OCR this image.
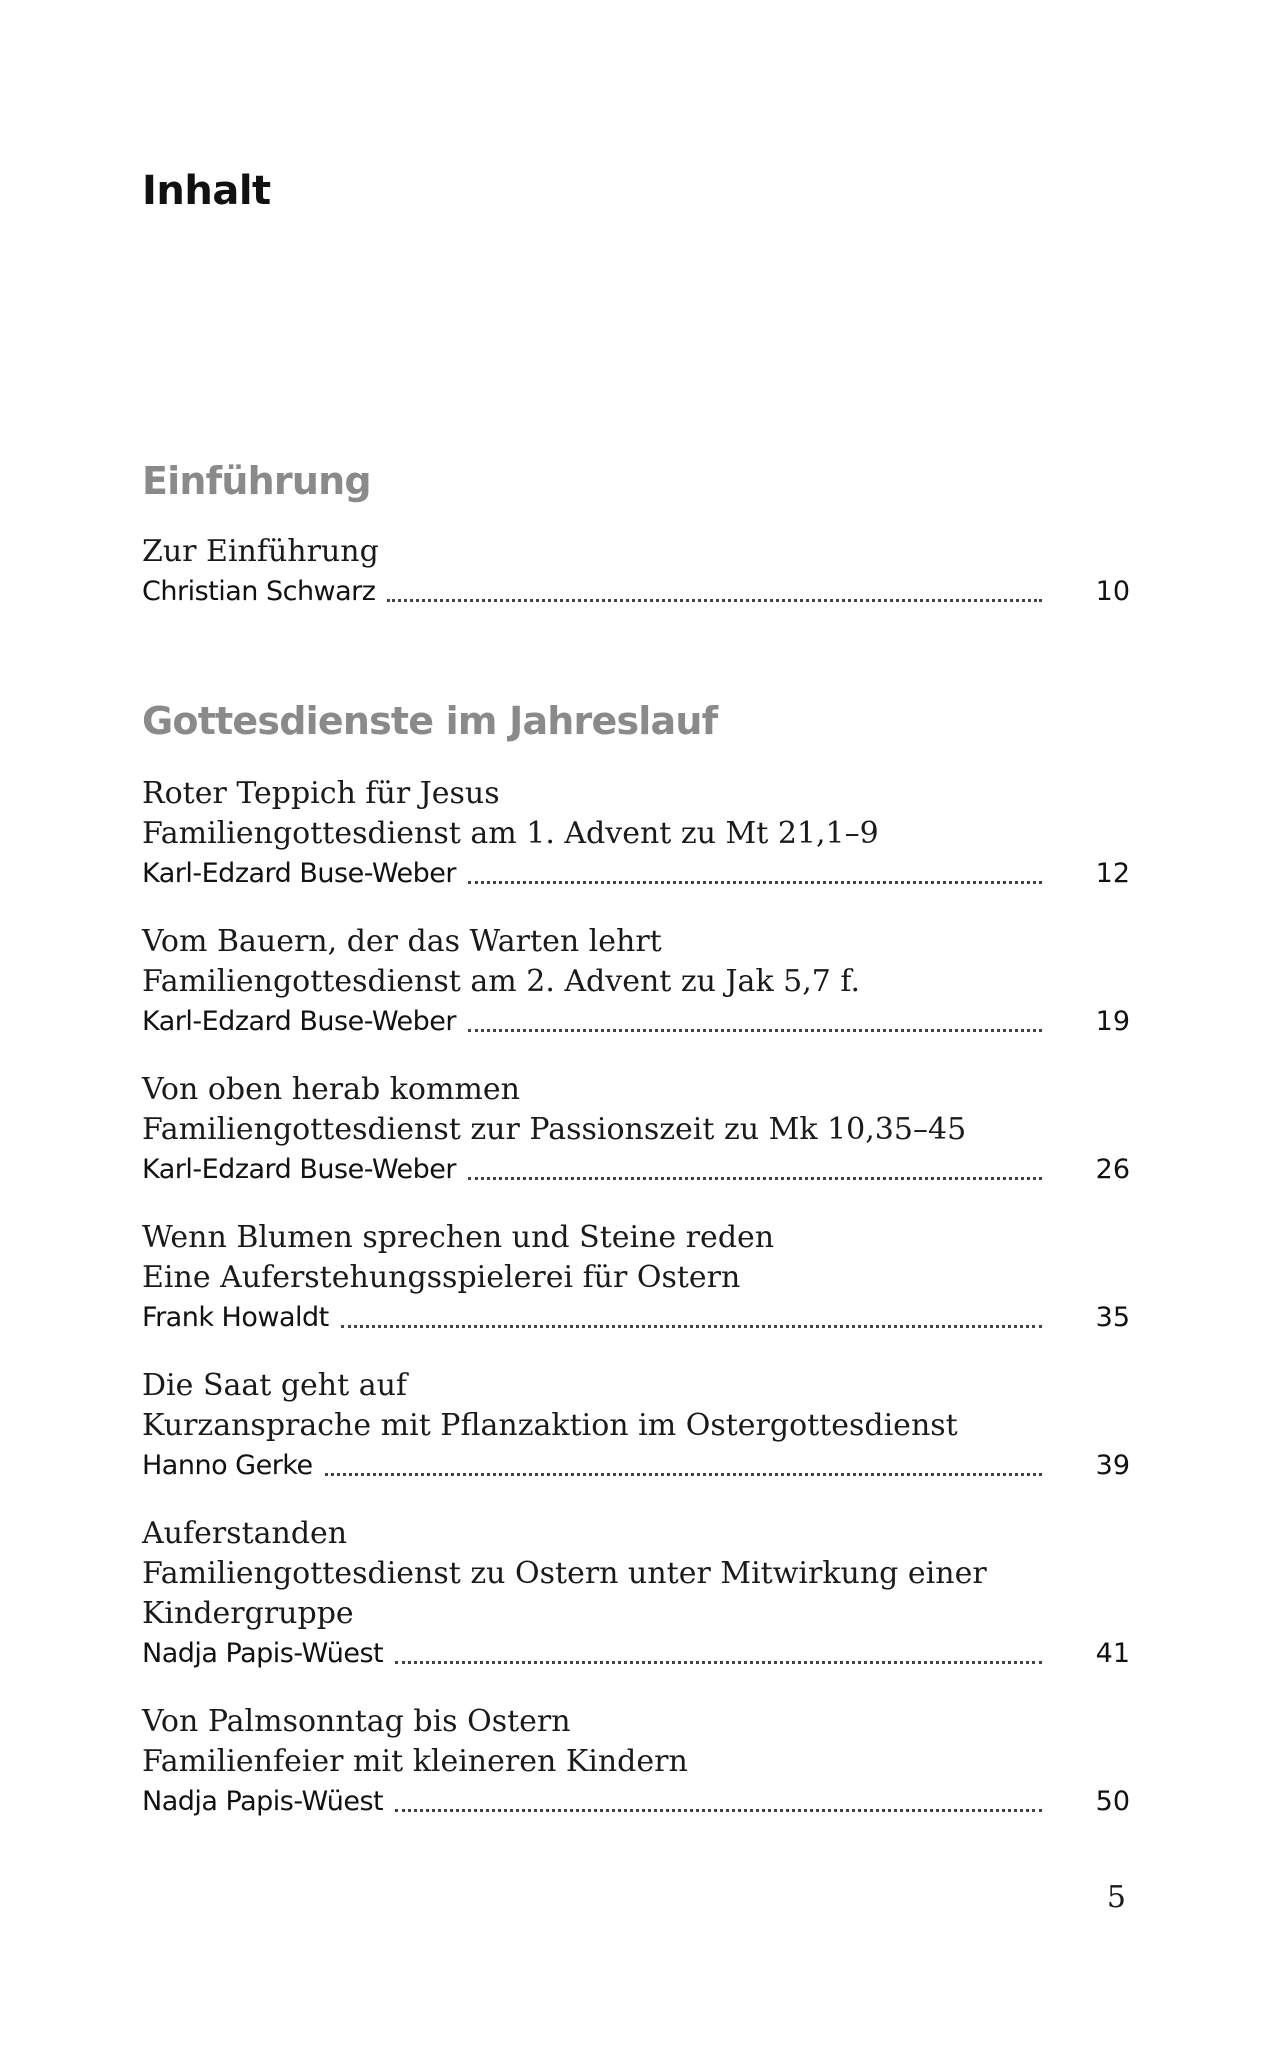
Inhalt
Einführung
Zur Einführung
Christian Schwarz	10
Gottesdienste im Jahreslauf
Roter Teppich für Jesus
Familiengottesdienst am 1. Advent zu Mt 21,1–9
Karl-Edzard Buse-Weber	12
Vom Bauern, der das Warten lehrt
Familiengottesdienst am 2. Advent zu Jak 5,7 f.
Karl-Edzard Buse-Weber	19
Von oben herab kommen
Familiengottesdienst zur Passionszeit zu Mk 10,35–45
Karl-Edzard Buse-Weber	26
Wenn Blumen sprechen und Steine reden
Eine Auferstehungsspielerei für Ostern
Frank Howaldt	35
Die Saat geht auf
Kurzansprache mit Pflanzaktion im Ostergottesdienst
Hanno Gerke	39
Auferstanden
Familiengottesdienst zu Ostern unter Mitwirkung einer
Kindergruppe
Nadja Papis-Wüest	41
Von Palmsonntag bis Ostern
Familienfeier mit kleineren Kindern
Nadja Papis-Wüest	50
5
